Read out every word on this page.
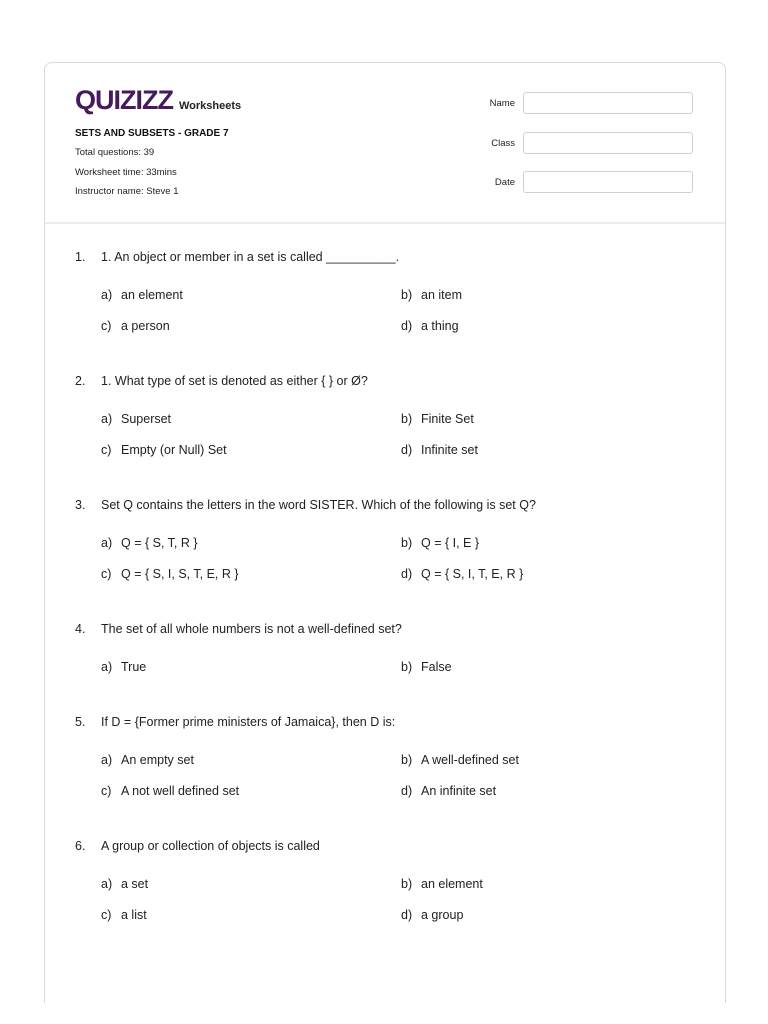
QUIZIZZ Worksheets
SETS AND SUBSETS - GRADE 7
Total questions: 39
Worksheet time: 33mins
Instructor name: Steve 1
Name
Class
Date
1. 1. An object or member in a set is called __________.
a) an element	b) an item
c) a person	d) a thing
2. 1. What type of set is denoted as either { } or Ø?
a) Superset	b) Finite Set
c) Empty (or Null) Set	d) Infinite set
3. Set Q contains the letters in the word SISTER. Which of the following is set Q?
a) Q = { S, T, R }	b) Q = { I, E }
c) Q = { S, I, S, T, E, R }	d) Q = { S, I, T, E, R }
4. The set of all whole numbers is not a well-defined set?
a) True	b) False
5. If D = {Former prime ministers of Jamaica}, then D is:
a) An empty set	b) A well-defined set
c) A not well defined set	d) An infinite set
6. A group or collection of objects is called
a) a set	b) an element
c) a list	d) a group
